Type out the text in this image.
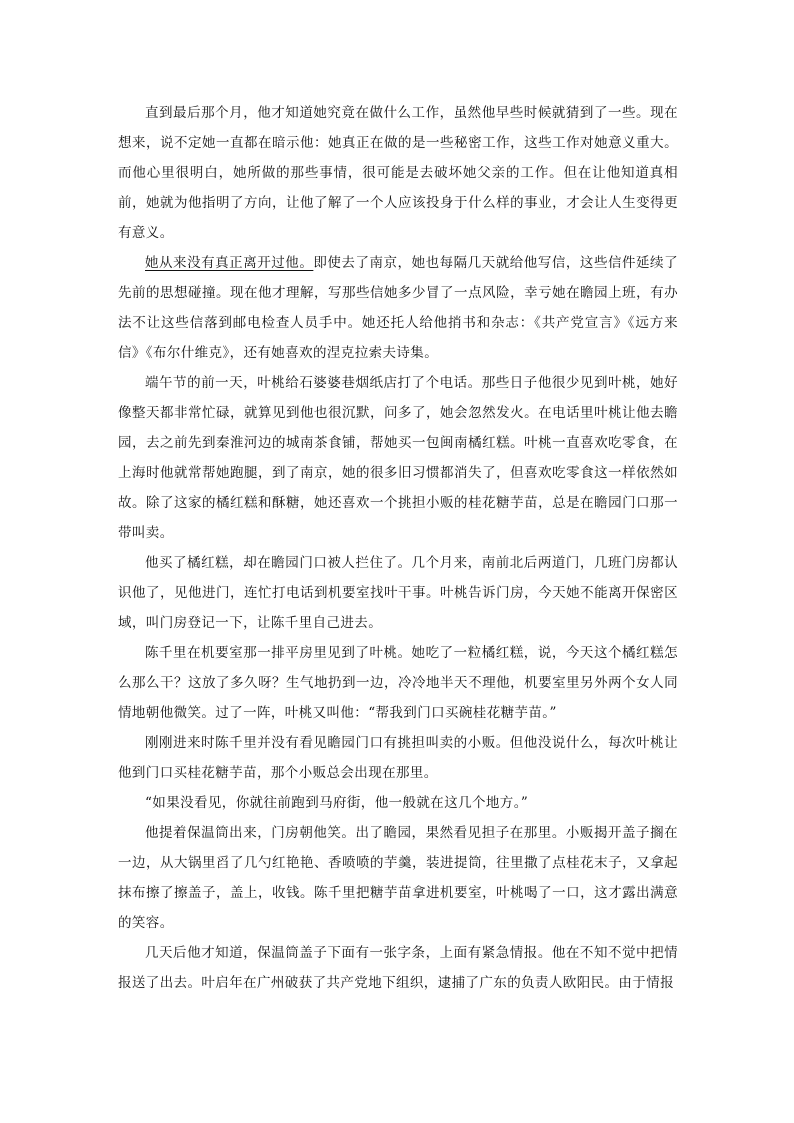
直到最后那个月，他才知道她究竟在做什么工作，虽然他早些时候就猜到了一些。现在想来，说不定她一直都在暗示他：她真正在做的是一些秘密工作，这些工作对她意义重大。而他心里很明白，她所做的那些事情，很可能是去破坏她父亲的工作。但在让他知道真相前，她就为他指明了方向，让他了解了一个人应该投身于什么样的事业，才会让人生变得更有意义。

她从来没有真正离开过他。即使去了南京，她也每隔几天就给他写信，这些信件延续了先前的思想碰撞。现在他才理解，写那些信她多少冒了一点风险，幸亏她在瞻园上班，有办法不让这些信落到邮电检查人员手中。她还托人给他捎书和杂志：《共产党宣言》《远方来信》《布尔什维克》，还有她喜欢的涅克拉索夫诗集。

端午节的前一天，叶桃给石婆婆巷烟纸店打了个电话。那些日子他很少见到叶桃，她好像整天都非常忙碌，就算见到他也很沉默，问多了，她会忽然发火。在电话里叶桃让他去瞻园，去之前先到秦淮河边的城南茶食铺，帮她买一包闽南橘红糕。叶桃一直喜欢吃零食，在上海时他就常帮她跑腿，到了南京，她的很多旧习惯都消失了，但喜欢吃零食这一样依然如故。除了这家的橘红糕和酥糖，她还喜欢一个挑担小贩的桂花糖芋苗，总是在瞻园门口那一带叫卖。

他买了橘红糕，却在瞻园门口被人拦住了。几个月来，南前北后两道门，几班门房都认识他了，见他进门，连忙打电话到机要室找叶干事。叶桃告诉门房，今天她不能离开保密区域，叫门房登记一下，让陈千里自己进去。

陈千里在机要室那一排平房里见到了叶桃。她吃了一粒橘红糕，说，今天这个橘红糕怎么那么干？这放了多久呀？生气地扔到一边，冷冷地半天不理他，机要室里另外两个女人同情地朝他微笑。过了一阵，叶桃又叫他：“帮我到门口买碗桂花糖芋苗。”

刚刚进来时陈千里并没有看见瞻园门口有挑担叫卖的小贩。但他没说什么，每次叶桃让他到门口买桂花糖芋苗，那个小贩总会出现在那里。

“如果没看见，你就往前跑到马府街，他一般就在这几个地方。”

他提着保温筒出来，门房朝他笑。出了瞻园，果然看见担子在那里。小贩揭开盖子搁在一边，从大锅里舀了几勺红艳艳、香喷喷的芋羹，装进提筒，往里撒了点桂花末子，又拿起抹布擦了擦盖子，盖上，收钱。陈千里把糖芋苗拿进机要室，叶桃喝了一口，这才露出满意的笑容。

几天后他才知道，保温筒盖子下面有一张字条，上面有紧急情报。他在不知不觉中把情报送了出去。叶启年在广州破获了共产党地下组织，逮捕了广东的负责人欧阳民。由于情报
